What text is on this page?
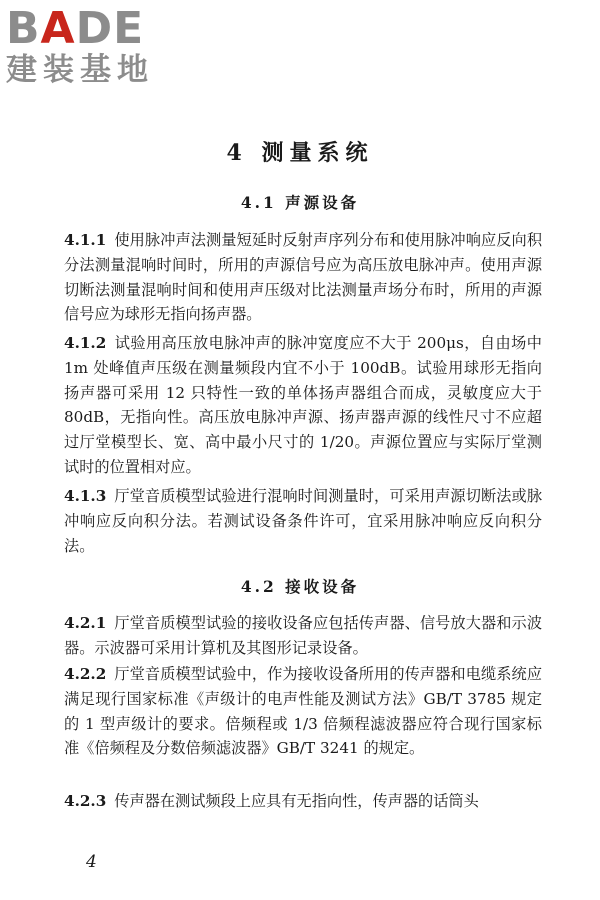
BADE
建装基地
4 测量系统
4.1 声源设备
4.1.1 使用脉冲声法测量短延时反射声序列分布和使用脉冲响应反向积分法测量混响时间时，所用的声源信号应为高压放电脉冲声。使用声源切断法测量混响时间和使用声压级对比法测量声场分布时，所用的声源信号应为球形无指向扬声器。
4.1.2 试验用高压放电脉冲声的脉冲宽度应不大于 200μs，自由场中 1m 处峰值声压级在测量频段内宜不小于 100dB。试验用球形无指向扬声器可采用 12 只特性一致的单体扬声器组合而成，灵敏度应大于 80dB，无指向性。高压放电脉冲声源、扬声器声源的线性尺寸不应超过厅堂模型长、宽、高中最小尺寸的 1/20。声源位置应与实际厅堂测试时的位置相对应。
4.1.3 厅堂音质模型试验进行混响时间测量时，可采用声源切断法或脉冲响应反向积分法。若测试设备条件许可，宜采用脉冲响应反向积分法。
4.2 接收设备
4.2.1 厅堂音质模型试验的接收设备应包括传声器、信号放大器和示波器。示波器可采用计算机及其图形记录设备。
4.2.2 厅堂音质模型试验中，作为接收设备所用的传声器和电缆系统应满足现行国家标准《声级计的电声性能及测试方法》GB/T 3785 规定的 1 型声级计的要求。倍频程或 1/3 倍频程滤波器应符合现行国家标准《倍频程及分数倍频滤波器》GB/T 3241 的规定。
4.2.3 传声器在测试频段上应具有无指向性，传声器的话筒头
4
